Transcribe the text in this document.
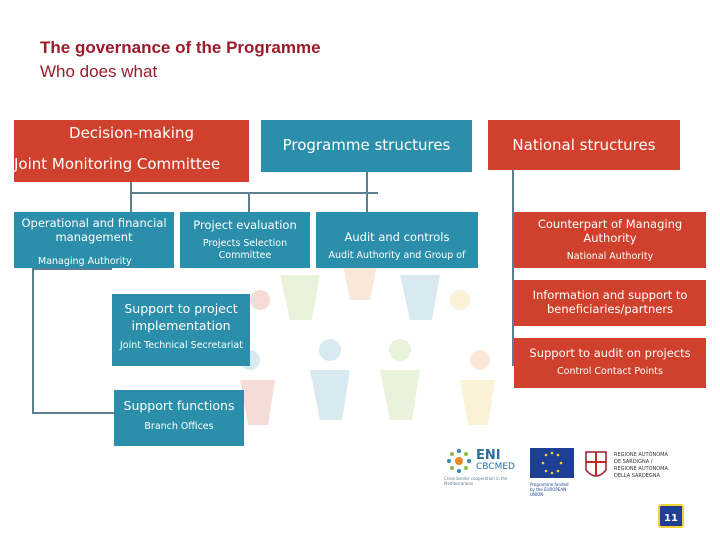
The governance of the Programme
Who does what
Decision-making
Joint Monitoring Committee
Programme structures	National structures
Operational and financial management
Managing Authority
Project evaluation
Projects Selection Committee
Audit and controls
Audit Authority and Group of
Counterpart of Managing Authority
National Authority
Support to project implementation
Joint Technical Secretariat
Information and support to beneficiaries/partners
Support to audit on projects
Control Contact Points
Support functions
Branch Offices
ENI
CBCMED
Cross-border cooperation in the Mediterranean	Programme funded by the EUROPEAN UNION
REGIONE AUTÓNOMA DE SARDIGNA / REGIONE AUTONOMA DELLA SARDEGNA
11
